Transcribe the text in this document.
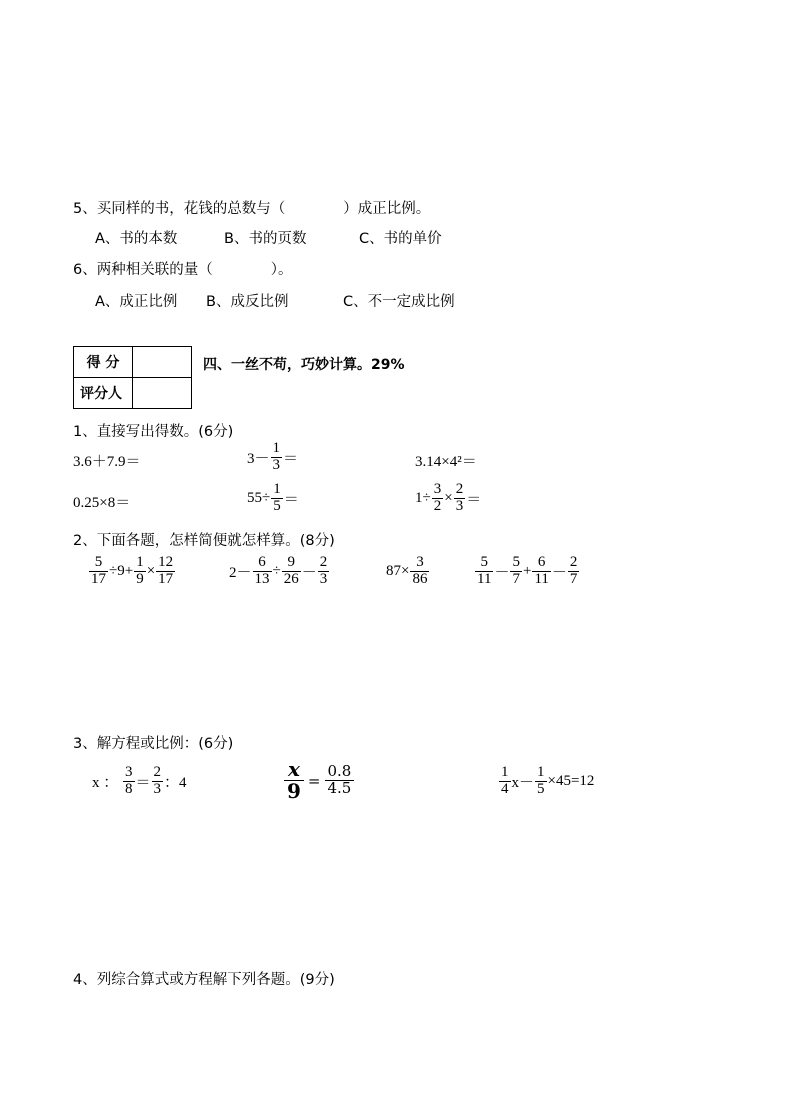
5、买同样的书，花钱的总数与（　　　　）成正比例。
A、书的本数	B、书的页数	C、书的单价
6、两种相关联的量（　　　　）。
A、成正比例 B、成反比例	C、不一定成比例
得 分	
评分人	
四、一丝不苟，巧妙计算。29%
1、直接写出得数。(6分)
3.6＋7.9＝	$3- \frac{1}{3}$ ＝	3.14×4²＝
0.25×8＝	$55\div \frac{1}{5}$ ＝	$1\div \frac{3}{2} \times \frac{2}{3}$ ＝
2、下面各题，怎样简便就怎样算。(8分)
$\frac{5}{17} \div 9+ \frac{1}{9} \times \frac{12}{17}$	$2- \frac{6}{13} \div \frac{9}{26} - \frac{2}{3}$	$87\times \frac{3}{86}$	$\frac{5}{11} - \frac{5}{7} + \frac{6}{11} - \frac{2}{7}$
3、解方程或比例：(6分)
x ： $\frac{3}{8} = \frac{2}{3}$ ：4	$\frac{x}{9} = \frac{0.8}{4.5}$	$\frac{1}{4} x- \frac{1}{5} \times 45=12$
4、列综合算式或方程解下列各题。(9分)
